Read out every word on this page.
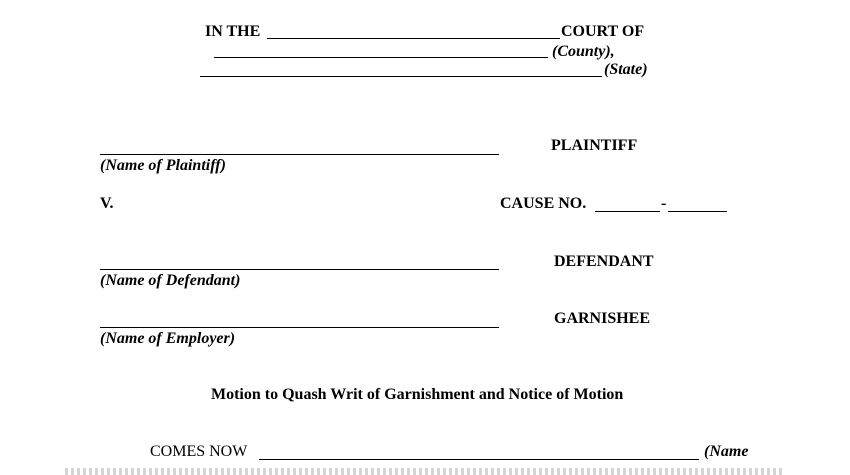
IN THE	COURT OF
(County),
(State)
PLAINTIFF
(Name of Plaintiff)
V.	CAUSE NO.	-
DEFENDANT
(Name of Defendant)
GARNISHEE
(Name of Employer)
Motion to Quash Writ of Garnishment and Notice of Motion
COMES NOW	(Name
